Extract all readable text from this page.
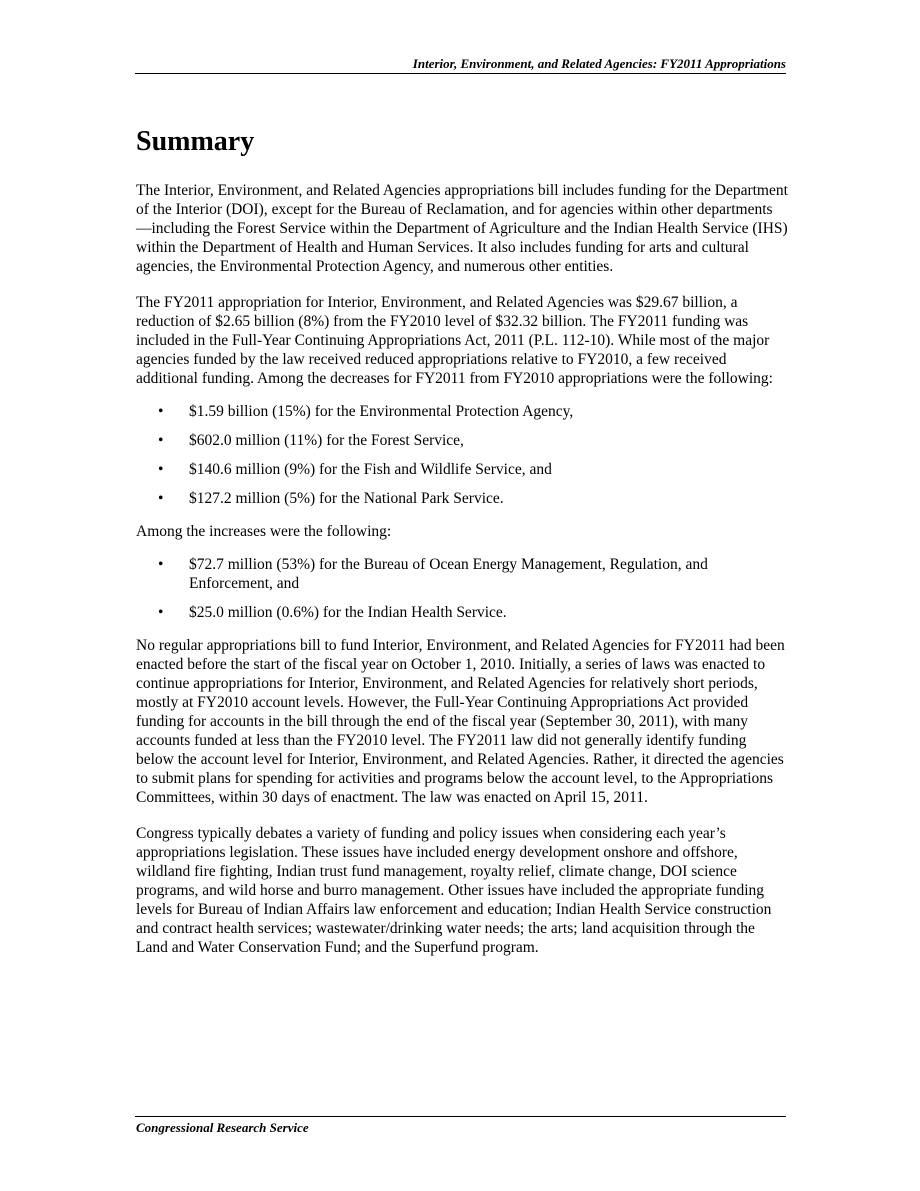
Interior, Environment, and Related Agencies: FY2011 Appropriations
Summary

The Interior, Environment, and Related Agencies appropriations bill includes funding for the Department of the Interior (DOI), except for the Bureau of Reclamation, and for agencies within other departments—including the Forest Service within the Department of Agriculture and the Indian Health Service (IHS) within the Department of Health and Human Services. It also includes funding for arts and cultural agencies, the Environmental Protection Agency, and numerous other entities.

The FY2011 appropriation for Interior, Environment, and Related Agencies was $29.67 billion, a reduction of $2.65 billion (8%) from the FY2010 level of $32.32 billion. The FY2011 funding was included in the Full-Year Continuing Appropriations Act, 2011 (P.L. 112-10). While most of the major agencies funded by the law received reduced appropriations relative to FY2010, a few received additional funding. Among the decreases for FY2011 from FY2010 appropriations were the following:

• $1.59 billion (15%) for the Environmental Protection Agency,
• $602.0 million (11%) for the Forest Service,
• $140.6 million (9%) for the Fish and Wildlife Service, and
• $127.2 million (5%) for the National Park Service.

Among the increases were the following:

• $72.7 million (53%) for the Bureau of Ocean Energy Management, Regulation, and Enforcement, and
• $25.0 million (0.6%) for the Indian Health Service.

No regular appropriations bill to fund Interior, Environment, and Related Agencies for FY2011 had been enacted before the start of the fiscal year on October 1, 2010. Initially, a series of laws was enacted to continue appropriations for Interior, Environment, and Related Agencies for relatively short periods, mostly at FY2010 account levels. However, the Full-Year Continuing Appropriations Act provided funding for accounts in the bill through the end of the fiscal year (September 30, 2011), with many accounts funded at less than the FY2010 level. The FY2011 law did not generally identify funding below the account level for Interior, Environment, and Related Agencies. Rather, it directed the agencies to submit plans for spending for activities and programs below the account level, to the Appropriations Committees, within 30 days of enactment. The law was enacted on April 15, 2011.

Congress typically debates a variety of funding and policy issues when considering each year’s appropriations legislation. These issues have included energy development onshore and offshore, wildland fire fighting, Indian trust fund management, royalty relief, climate change, DOI science programs, and wild horse and burro management. Other issues have included the appropriate funding levels for Bureau of Indian Affairs law enforcement and education; Indian Health Service construction and contract health services; wastewater/drinking water needs; the arts; land acquisition through the Land and Water Conservation Fund; and the Superfund program.

Congressional Research Service
